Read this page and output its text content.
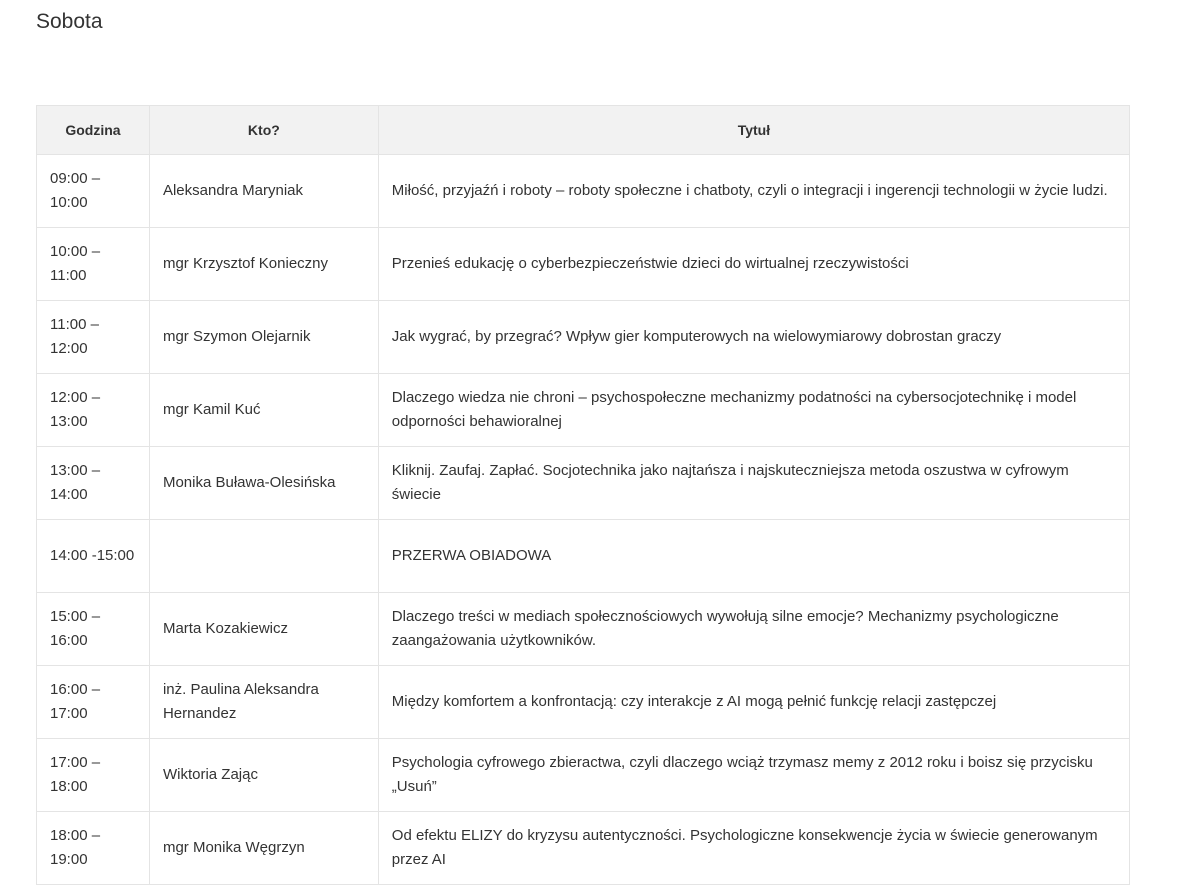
Sobota
Godzina	Kto?	Tytuł
09:00 – 10:00	Aleksandra Maryniak	Miłość, przyjaźń i roboty – roboty społeczne i chatboty, czyli o integracji i ingerencji technologii w życie ludzi.
10:00 – 11:00	mgr Krzysztof Konieczny	Przenieś edukację o cyberbezpieczeństwie dzieci do wirtualnej rzeczywistości
11:00 – 12:00	mgr Szymon Olejarnik	Jak wygrać, by przegrać? Wpływ gier komputerowych na wielowymiarowy dobrostan graczy
12:00 – 13:00	mgr Kamil Kuć	Dlaczego wiedza nie chroni – psychospołeczne mechanizmy podatności na cybersocjotechnikę i model odporności behawioralnej
13:00 – 14:00	Monika Buława-Olesińska	Kliknij. Zaufaj. Zapłać. Socjotechnika jako najtańsza i najskuteczniejsza metoda oszustwa w cyfrowym świecie
14:00 -15:00		PRZERWA OBIADOWA
15:00 – 16:00	Marta Kozakiewicz	Dlaczego treści w mediach społecznościowych wywołują silne emocje? Mechanizmy psychologiczne zaangażowania użytkowników.
16:00 – 17:00	inż. Paulina Aleksandra Hernandez	Między komfortem a konfrontacją: czy interakcje z AI mogą pełnić funkcję relacji zastępczej
17:00 – 18:00	Wiktoria Zając	Psychologia cyfrowego zbieractwa, czyli dlaczego wciąż trzymasz memy z 2012 roku i boisz się przycisku „Usuń”
18:00 – 19:00	mgr Monika Węgrzyn	Od efektu ELIZY do kryzysu autentyczności. Psychologiczne konsekwencje życia w świecie generowanym przez AI
